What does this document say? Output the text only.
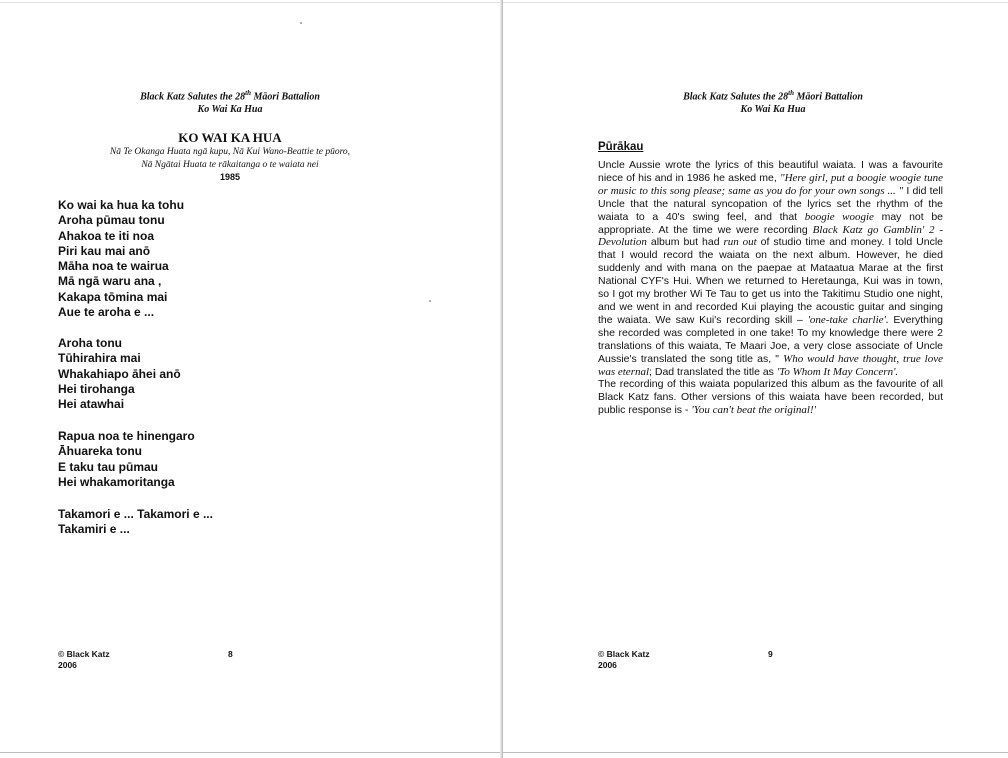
Black Katz Salutes the 28th Māori Battalion
Ko Wai Ka Hua
KO WAI KA HUA
Nā Te Okanga Huata ngā kupu, Nā Kui Wano-Beattie te pūoro,
Nā Ngātai Huata te rākaitanga o te waiata nei
1985
Ko wai ka hua ka tohu
Aroha pūmau tonu
Ahakoa te iti noa
Piri kau mai anō
Māha noa te wairua
Mā ngā waru ana ,
Kakapa tōmina mai
Aue te aroha e ...
Aroha tonu
Tūhirahira mai
Whakahiapo āhei anō
Hei tirohanga
Hei atawhai
Rapua noa te hinengaro
Āhuareka tonu
E taku tau pūmau
Hei whakamoritanga
Takamori e ... Takamori e ...
Takamiri e ...
© Black Katz
2006
8
Black Katz Salutes the 28th Māori Battalion
Ko Wai Ka Hua
Pūrākau
Uncle Aussie wrote the lyrics of this beautiful waiata. I was a favourite niece of his and in 1986 he asked me, "Here girl, put a boogie woogie tune or music to this song please; same as you do for your own songs ... " I did tell Uncle that the natural syncopation of the lyrics set the rhythm of the waiata to a 40's swing feel, and that boogie woogie may not be appropriate. At the time we were recording Black Katz go Gamblin' 2 - Devolution album but had run out of studio time and money. I told Uncle that I would record the waiata on the next album. However, he died suddenly and with mana on the paepae at Mataatua Marae at the first National CYF's Hui. When we returned to Heretaunga, Kui was in town, so I got my brother Wi Te Tau to get us into the Takitimu Studio one night, and we went in and recorded Kui playing the acoustic guitar and singing the waiata. We saw Kui's recording skill – 'one-take charlie'. Everything she recorded was completed in one take! To my knowledge there were 2 translations of this waiata, Te Maari Joe, a very close associate of Uncle Aussie's translated the song title as, " Who would have thought, true love was eternal; Dad translated the title as 'To Whom It May Concern'.
The recording of this waiata popularized this album as the favourite of all Black Katz fans. Other versions of this waiata have been recorded, but public response is - 'You can't beat the original!'
© Black Katz
2006
9
